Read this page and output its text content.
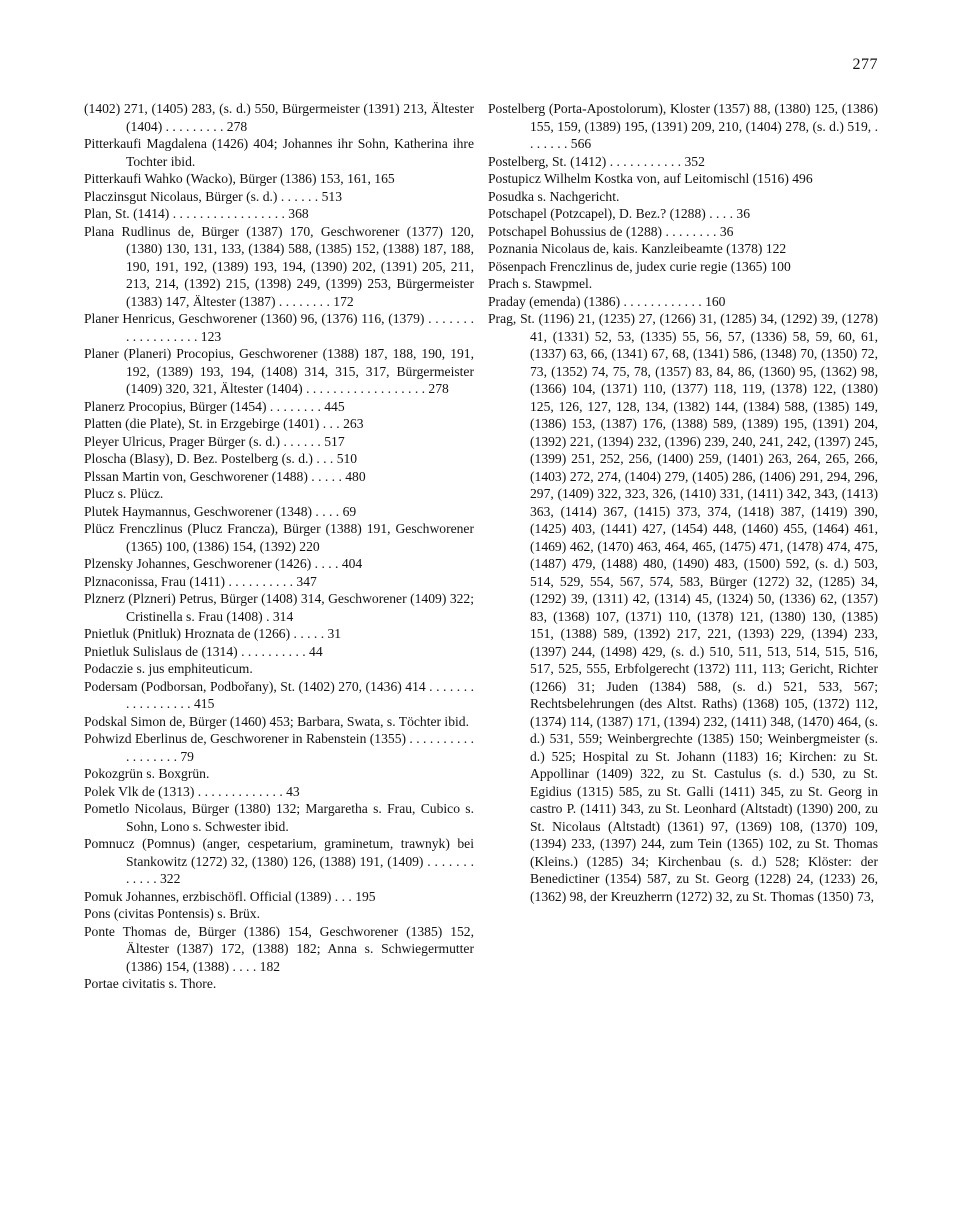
277
(1402) 271, (1405) 283, (s. d.) 550, Bürgermeister (1391) 213, Ältester (1404) . . . . . . . . . 278
Pitterkaufi Magdalena (1426) 404; Johannes ihr Sohn, Katherina ihre Tochter ibid.
Pitterkaufi Wahko (Wacko), Bürger (1386) 153, 161, 165
Placzinsgut Nicolaus, Bürger (s. d.) . . . . . . 513
Plan, St. (1414) . . . . . . . . . . . . . . . . . 368
Plana Rudlinus de, Bürger (1387) 170, Geschworener (1377) 120, (1380) 130, 131, 133, (1384) 588, (1385) 152, (1388) 187, 188, 190, 191, 192, (1389) 193, 194, (1390) 202, (1391) 205, 211, 213, 214, (1392) 215, (1398) 249, (1399) 253, Bürgermeister (1383) 147, Ältester (1387) . . . . . . . . 172
Planer Henricus, Geschworener (1360) 96, (1376) 116, (1379) . . . . . . . . . . . . . . . . . . 123
Planer (Planeri) Procopius, Geschworener (1388) 187, 188, 190, 191, 192, (1389) 193, 194, (1408) 314, 315, 317, Bürgermeister (1409) 320, 321, Ältester (1404) . . . . . . . . . . . . . . . . . . 278
Planerz Procopius, Bürger (1454) . . . . . . . . 445
Platten (die Plate), St. in Erzgebirge (1401) . . . 263
Pleyer Ulricus, Prager Bürger (s. d.) . . . . . . 517
Ploscha (Blasy), D. Bez. Postelberg (s. d.) . . . 510
Plssan Martin von, Geschworener (1488) . . . . . 480
Plucz s. Plücz.
Plutek Haymannus, Geschworener (1348) . . . . 69
Plücz Frenczlinus (Plucz Francza), Bürger (1388) 191, Geschworener (1365) 100, (1386) 154, (1392) 220
Plzensky Johannes, Geschworener (1426) . . . . 404
Plznaconissa, Frau (1411) . . . . . . . . . . 347
Plznerz (Plzneri) Petrus, Bürger (1408) 314, Geschworener (1409) 322; Cristinella s. Frau (1408) . 314
Pnietluk (Pnitluk) Hroznata de (1266) . . . . . 31
Pnietluk Sulislaus de (1314) . . . . . . . . . . 44
Podaczie s. jus emphiteuticum.
Podersam (Podborsan, Podbořany), St. (1402) 270, (1436) 414 . . . . . . . . . . . . . . . . . 415
Podskal Simon de, Bürger (1460) 453; Barbara, Swata, s. Töchter ibid.
Pohwizd Eberlinus de, Geschworener in Rabenstein (1355) . . . . . . . . . . . . . . . . . . 79
Pokozgrün s. Boxgrün.
Polek Vlk de (1313) . . . . . . . . . . . . . 43
Pometlo Nicolaus, Bürger (1380) 132; Margaretha s. Frau, Cubico s. Sohn, Lono s. Schwester ibid.
Pomnucz (Pomnus) (anger, cespetarium, graminetum, trawnyk) bei Stankowitz (1272) 32, (1380) 126, (1388) 191, (1409) . . . . . . . . . . . . 322
Pomuk Johannes, erzbischöfl. Official (1389) . . . 195
Pons (civitas Pontensis) s. Brüx.
Ponte Thomas de, Bürger (1386) 154, Geschworener (1385) 152, Ältester (1387) 172, (1388) 182; Anna s. Schwiegermutter (1386) 154, (1388) . . . . 182
Portae civitatis s. Thore.
Postelberg (Porta-Apostolorum), Kloster (1357) 88, (1380) 125, (1386) 155, 159, (1389) 195, (1391) 209, 210, (1404) 278, (s. d.) 519, . . . . . . . 566
Postelberg, St. (1412) . . . . . . . . . . . 352
Postupicz Wilhelm Kostka von, auf Leitomischl (1516) 496
Posudka s. Nachgericht.
Potschapel (Potzcapel), D. Bez.? (1288) . . . . 36
Potschapel Bohussius de (1288) . . . . . . . . 36
Poznania Nicolaus de, kais. Kanzleibeamte (1378) 122
Pösenpach Frenczlinus de, judex curie regie (1365) 100
Prach s. Stawpmel.
Praday (emenda) (1386) . . . . . . . . . . . . 160
Prag, St. (1196) 21, (1235) 27, (1266) 31, (1285) 34, (1292) 39, (1278) 41, (1331) 52, 53, (1335) 55, 56, 57, (1336) 58, 59, 60, 61, (1337) 63, 66, (1341) 67, 68, (1341) 586, (1348) 70, (1350) 72, 73, (1352) 74, 75, 78, (1357) 83, 84, 86, (1360) 95, (1362) 98, (1366) 104, (1371) 110, (1377) 118, 119, (1378) 122, (1380) 125, 126, 127, 128, 134, (1382) 144, (1384) 588, (1385) 149, (1386) 153, (1387) 176, (1388) 589, (1389) 195, (1391) 204, (1392) 221, (1394) 232, (1396) 239, 240, 241, 242, (1397) 245, (1399) 251, 252, 256, (1400) 259, (1401) 263, 264, 265, 266, (1403) 272, 274, (1404) 279, (1405) 286, (1406) 291, 294, 296, 297, (1409) 322, 323, 326, (1410) 331, (1411) 342, 343, (1413) 363, (1414) 367, (1415) 373, 374, (1418) 387, (1419) 390, (1425) 403, (1441) 427, (1454) 448, (1460) 455, (1464) 461, (1469) 462, (1470) 463, 464, 465, (1475) 471, (1478) 474, 475, (1487) 479, (1488) 480, (1490) 483, (1500) 592, (s. d.) 503, 514, 529, 554, 567, 574, 583, Bürger (1272) 32, (1285) 34, (1292) 39, (1311) 42, (1314) 45, (1324) 50, (1336) 62, (1357) 83, (1368) 107, (1371) 110, (1378) 121, (1380) 130, (1385) 151, (1388) 589, (1392) 217, 221, (1393) 229, (1394) 233, (1397) 244, (1498) 429, (s. d.) 510, 511, 513, 514, 515, 516, 517, 525, 555, Erbfolgerecht (1372) 111, 113; Gericht, Richter (1266) 31; Juden (1384) 588, (s. d.) 521, 533, 567; Rechtsbelehrungen (des Altst. Raths) (1368) 105, (1372) 112, (1374) 114, (1387) 171, (1394) 232, (1411) 348, (1470) 464, (s. d.) 531, 559; Weinbergrechte (1385) 150; Weinbergmeister (s. d.) 525; Hospital zu St. Johann (1183) 16; Kirchen: zu St. Appollinar (1409) 322, zu St. Castulus (s. d.) 530, zu St. Egidius (1315) 585, zu St. Galli (1411) 345, zu St. Georg in castro P. (1411) 343, zu St. Leonhard (Altstadt) (1390) 200, zu St. Nicolaus (Altstadt) (1361) 97, (1369) 108, (1370) 109, (1394) 233, (1397) 244, zum Tein (1365) 102, zu St. Thomas (Kleins.) (1285) 34; Kirchenbau (s. d.) 528; Klöster: der Benedictiner (1354) 587, zu St. Georg (1228) 24, (1233) 26, (1362) 98, der Kreuzherrn (1272) 32, zu St. Thomas (1350) 73,
